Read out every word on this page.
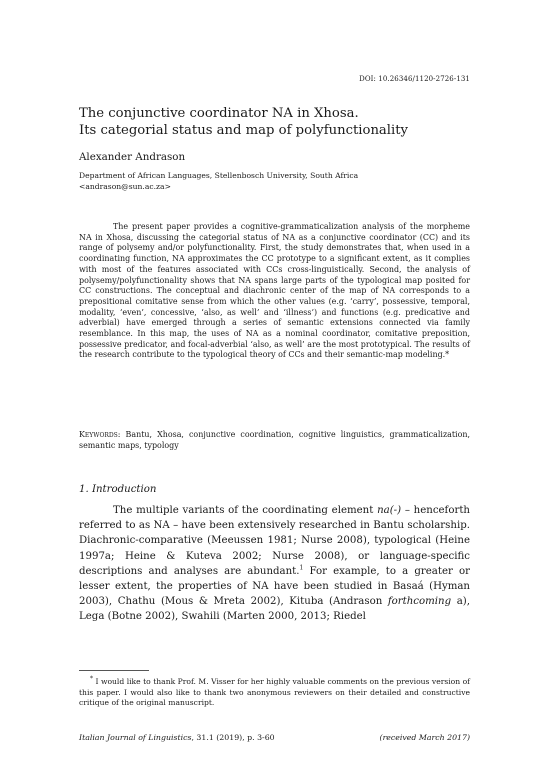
DOI: 10.26346/1120-2726-131
The conjunctive coordinator NA in Xhosa.
Its categorial status and map of polyfunctionality
Alexander Andrason
Department of African Languages, Stellenbosch University, South Africa
<andrason@sun.ac.za>

The present paper provides a cognitive-grammaticalization analysis of the morpheme NA in Xhosa, discussing the categorial status of NA as a conjunctive coordinator (CC) and its range of polysemy and/or polyfunctionality. First, the study demonstrates that, when used in a coordinating function, NA approximates the CC prototype to a significant extent, as it complies with most of the features associated with CCs cross-linguistically. Second, the analysis of polysemy/polyfunctionality shows that NA spans large parts of the typological map posited for CC constructions. The conceptual and diachronic center of the map of NA corresponds to a prepositional comitative sense from which the other values (e.g. ‘carry’, possessive, temporal, modality, ‘even’, concessive, ‘also, as well’ and ‘illness’) and functions (e.g. predicative and adverbial) have emerged through a series of semantic extensions connected via family resemblance. In this map, the uses of NA as a nominal coordinator, comitative preposition, possessive predicator, and focal-adverbial ‘also, as well’ are the most prototypical. The results of the research contribute to the typological theory of CCs and their semantic-map modeling.*

Keywords: Bantu, Xhosa, conjunctive coordination, cognitive linguistics, grammaticalization, semantic maps, typology

1. Introduction

The multiple variants of the coordinating element na(-) – henceforth referred to as NA – have been extensively researched in Bantu scholarship. Diachronic-comparative (Meeussen 1981; Nurse 2008), typological (Heine 1997a; Heine & Kuteva 2002; Nurse 2008), or language-specific descriptions and analyses are abundant.$^1$ For example, to a greater or lesser extent, the properties of NA have been studied in Basaá (Hyman 2003), Chathu (Mous & Mreta 2002), Kituba (Andrason forthcoming a), Lega (Botne 2002), Swahili (Marten 2000, 2013; Riedel

* I would like to thank Prof. M. Visser for her highly valuable comments on the previous version of this paper. I would also like to thank two anonymous reviewers on their detailed and constructive critique of the original manuscript.

Italian Journal of Linguistics, 31.1 (2019), p. 3-60	(received March 2017)
